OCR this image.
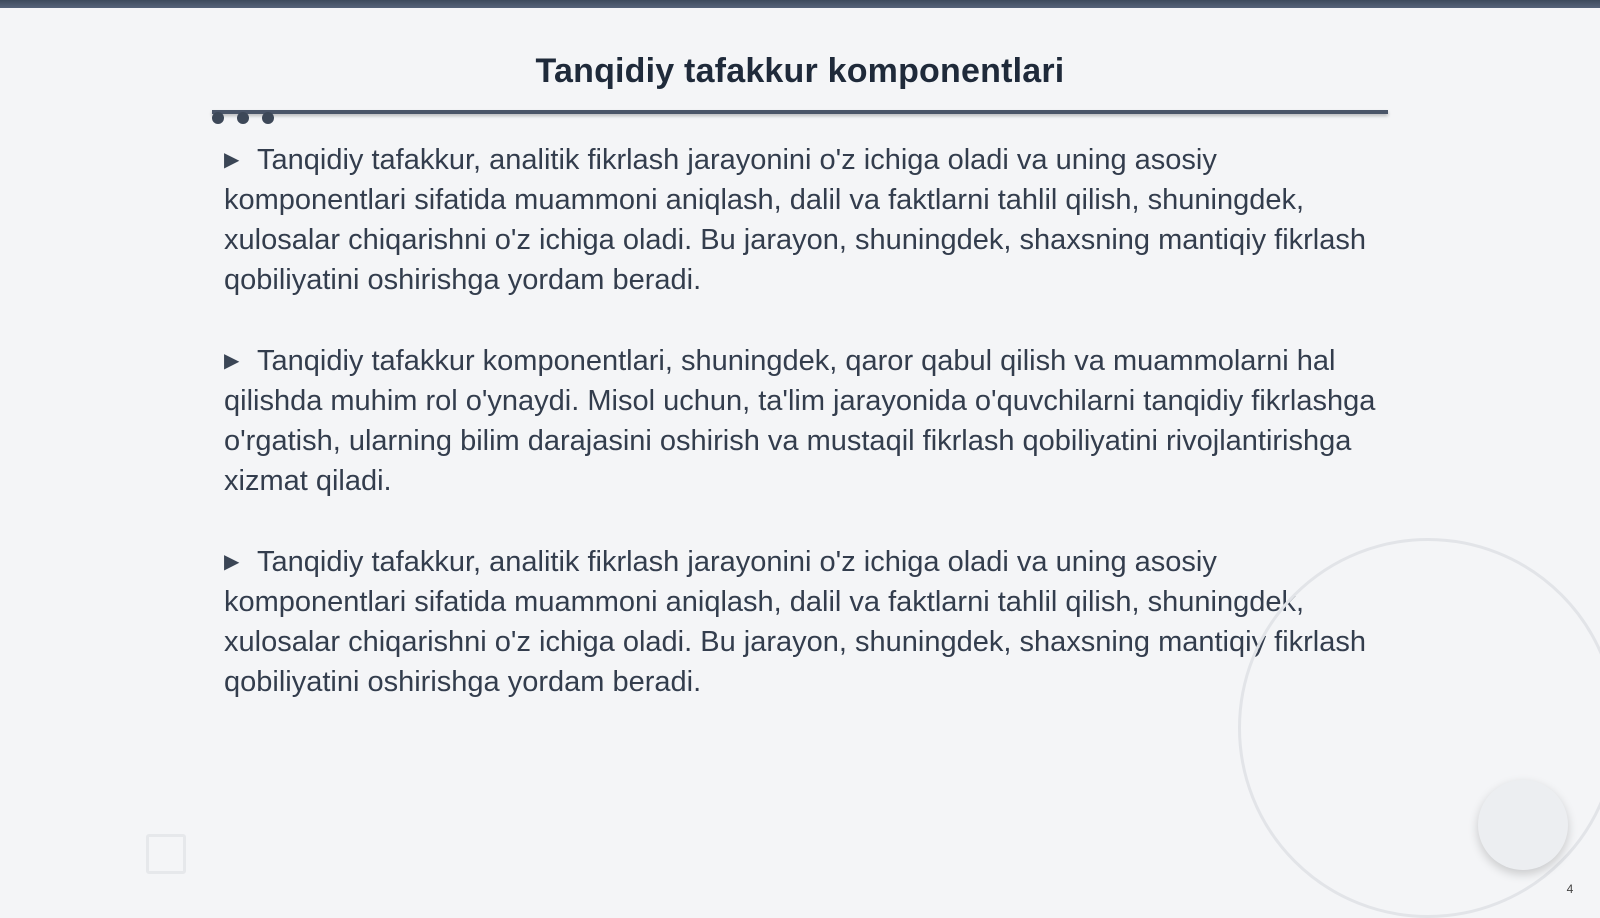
Tanqidiy tafakkur komponentlari

▶ Tanqidiy tafakkur, analitik fikrlash jarayonini o'z ichiga oladi va uning asosiy komponentlari sifatida muammoni aniqlash, dalil va faktlarni tahlil qilish, shuningdek, xulosalar chiqarishni o'z ichiga oladi. Bu jarayon, shuningdek, shaxsning mantiqiy fikrlash qobiliyatini oshirishga yordam beradi.

▶ Tanqidiy tafakkur komponentlari, shuningdek, qaror qabul qilish va muammolarni hal qilishda muhim rol o'ynaydi. Misol uchun, ta'lim jarayonida o'quvchilarni tanqidiy fikrlashga o'rgatish, ularning bilim darajasini oshirish va mustaqil fikrlash qobiliyatini rivojlantirishga xizmat qiladi.

▶ Tanqidiy tafakkur, analitik fikrlash jarayonini o'z ichiga oladi va uning asosiy komponentlari sifatida muammoni aniqlash, dalil va faktlarni tahlil qilish, shuningdek, xulosalar chiqarishni o'z ichiga oladi. Bu jarayon, shuningdek, shaxsning mantiqiy fikrlash qobiliyatini oshirishga yordam beradi.

4
